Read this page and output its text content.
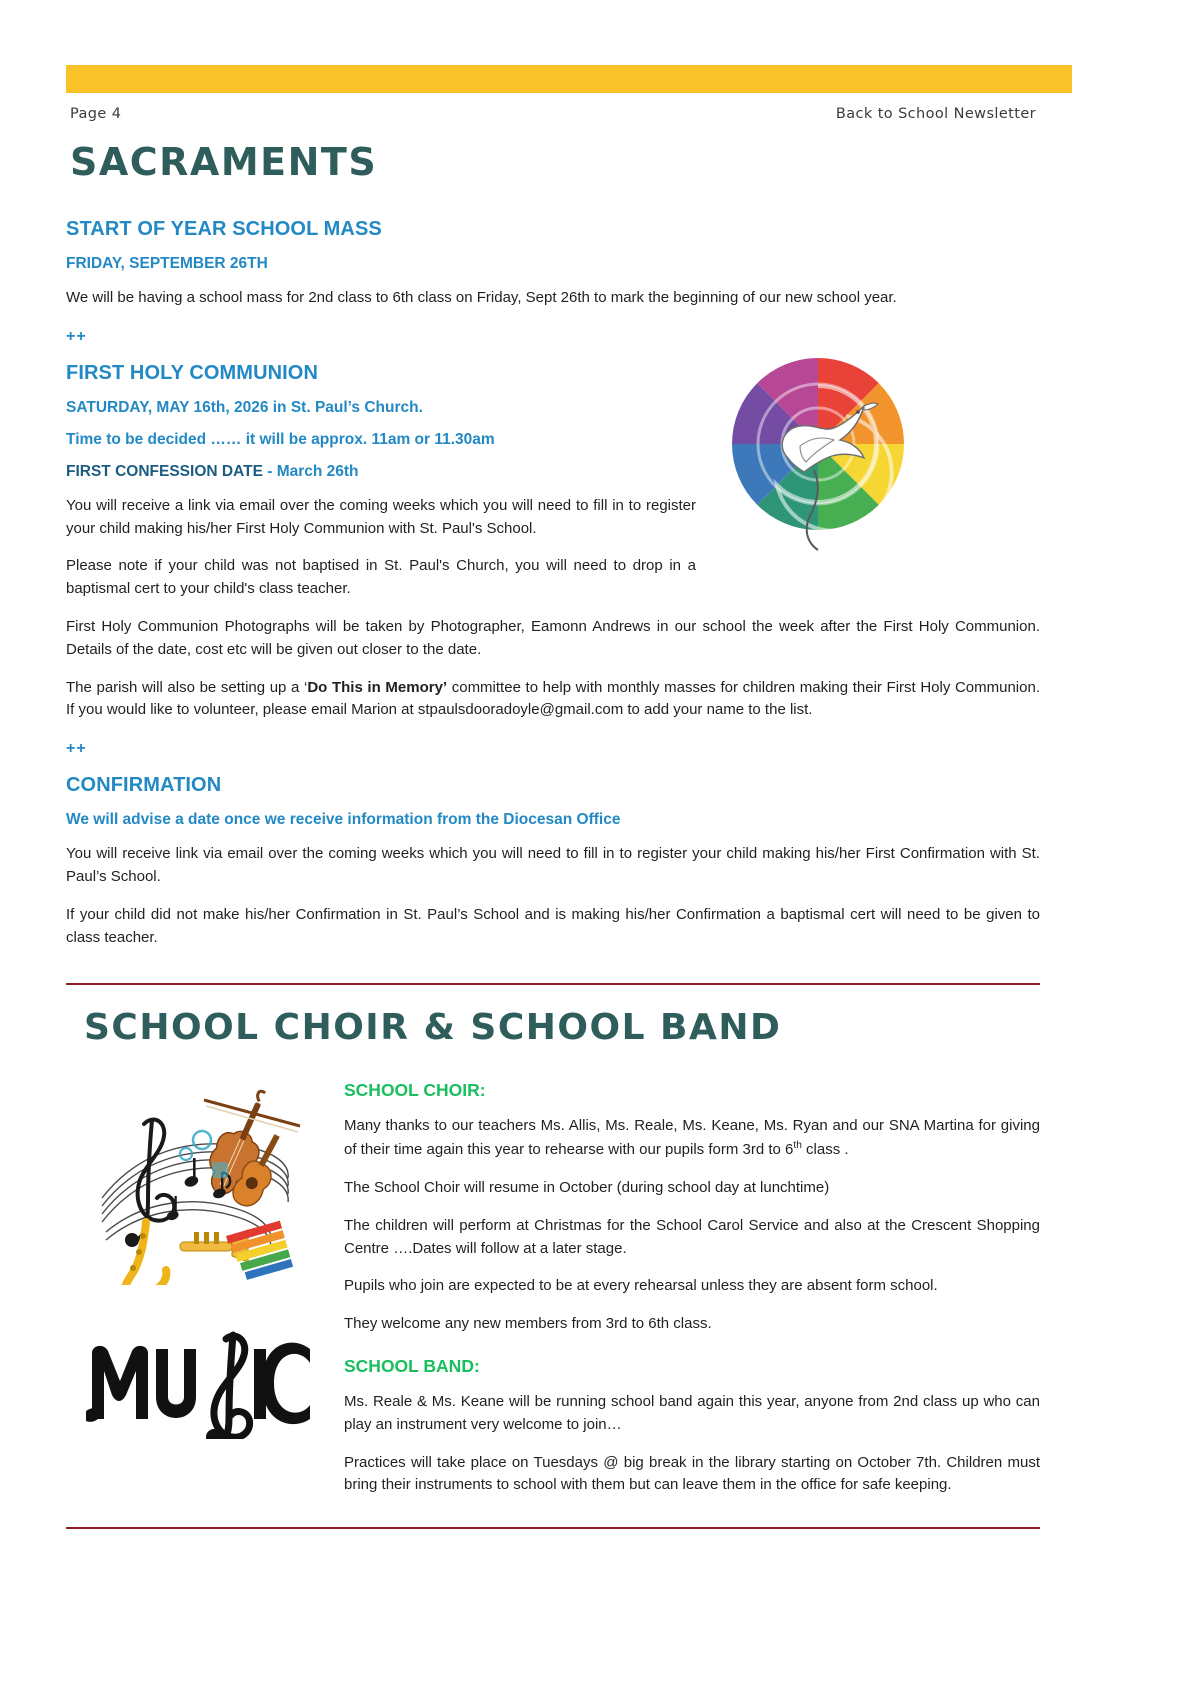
Page 4	Back to School Newsletter
SACRAMENTS
START OF YEAR SCHOOL MASS
FRIDAY, SEPTEMBER 26TH

We will be having a school mass for 2nd class to 6th class on Friday, Sept 26th to mark the beginning of our new school year.

++
FIRST HOLY COMMUNION
SATURDAY, MAY 16th, 2026 in St. Paul’s Church.
Time to be decided …… it will be approx. 11am or 11.30am
FIRST CONFESSION DATE - March 26th

You will receive a link via email over the coming weeks which you will need to fill in to register your child making his/her First Holy Communion with St. Paul's School.

Please note if your child was not baptised in St. Paul's Church, you will need to drop in a baptismal cert to your child's class teacher.

First Holy Communion Photographs will be taken by Photographer, Eamonn Andrews in our school the week after the First Holy Communion. Details of the date, cost etc will be given out closer to the date.

The parish will also be setting up a ‘Do This in Memory’ committee to help with monthly masses for children making their First Holy Communion. If you would like to volunteer, please email Marion at stpaulsdooradoyle@gmail.com to add your name to the list.

++
CONFIRMATION
We will advise a date once we receive information from the Diocesan Office

You will receive link via email over the coming weeks which you will need to fill in to register your child making his/her First Confirmation with St. Paul’s School.

If your child did not make his/her Confirmation in St. Paul’s School and is making his/her Confirmation a baptismal cert will need to be given to class teacher.

SCHOOL CHOIR & SCHOOL BAND
SCHOOL CHOIR:

Many thanks to our teachers Ms. Allis, Ms. Reale, Ms. Keane, Ms. Ryan and our SNA Martina for giving of their time again this year to rehearse with our pupils form 3rd to 6th class .

The School Choir will resume in October (during school day at lunchtime)

The children will perform at Christmas for the School Carol Service and also at the Crescent Shopping Centre ….Dates will follow at a later stage.

Pupils who join are expected to be at every rehearsal unless they are absent form school.

They welcome any new members from 3rd to 6th class.

SCHOOL BAND:

Ms. Reale & Ms. Keane will be running school band again this year, anyone from 2nd class up who can play an instrument very welcome to join…

Practices will take place on Tuesdays @ big break in the library starting on October 7th. Children must bring their instruments to school with them but can leave them in the office for safe keeping.
